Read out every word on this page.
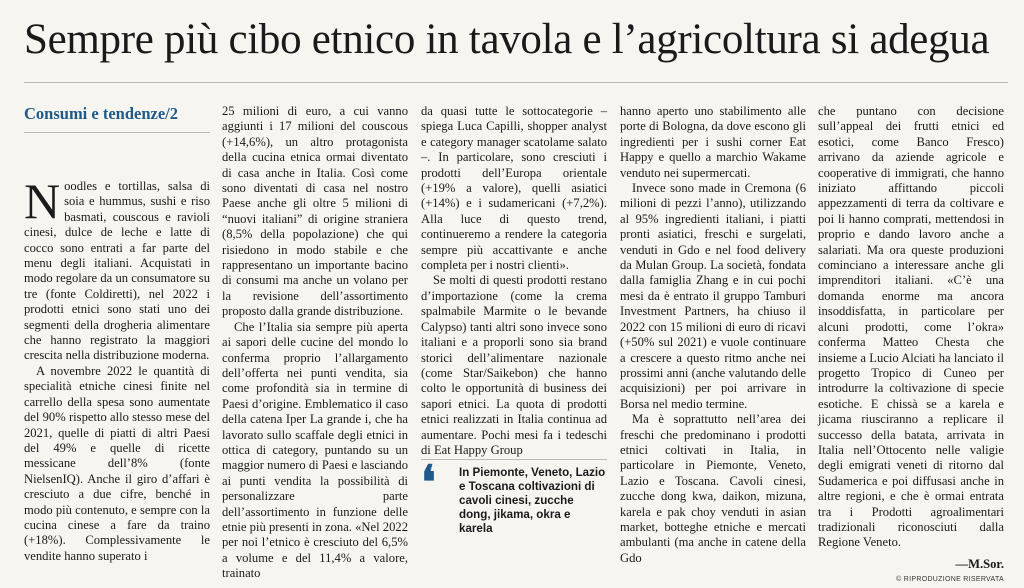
Sempre più cibo etnico in tavola e l’agricoltura si adegua
Consumi e tendenze/2

Noodles e tortillas, salsa di soia e hummus, sushi e riso basmati, couscous e ravioli cinesi, dulce de leche e latte di cocco sono entrati a far parte del menu degli italiani. Acquistati in modo regolare da un consumatore su tre (fonte Coldiretti), nel 2022 i prodotti etnici sono stati uno dei segmenti della drogheria alimentare che hanno registrato la maggiori crescita nella distribuzione moderna.

A novembre 2022 le quantità di specialità etniche cinesi finite nel carrello della spesa sono aumentate del 90% rispetto allo stesso mese del 2021, quelle di piatti di altri Paesi del 49% e quelle di ricette messicane dell’8% (fonte NielsenIQ). Anche il giro d’affari è cresciuto a due cifre, benché in modo più contenuto, e sempre con la cucina cinese a fare da traino (+18%). Complessivamente le vendite hanno superato i

25 milioni di euro, a cui vanno aggiunti i 17 milioni del couscous (+14,6%), un altro protagonista della cucina etnica ormai diventato di casa anche in Italia. Così come sono diventati di casa nel nostro Paese anche gli oltre 5 milioni di “nuovi italiani” di origine straniera (8,5% della popolazione) che qui risiedono in modo stabile e che rappresentano un importante bacino di consumi ma anche un volano per la revisione dell’assortimento proposto dalla grande distribuzione.

Che l’Italia sia sempre più aperta ai sapori delle cucine del mondo lo conferma proprio l’allargamento dell’offerta nei punti vendita, sia come profondità sia in termine di Paesi d’origine. Emblematico il caso della catena Iper La grande i, che ha lavorato sullo scaffale degli etnici in ottica di category, puntando su un maggior numero di Paesi e lasciando ai punti vendita la possibilità di personalizzare parte dell’assortimento in funzione delle etnie più presenti in zona. «Nel 2022 per noi l’etnico è cresciuto del 6,5% a volume e del 11,4% a valore, trainato

da quasi tutte le sottocategorie – spiega Luca Capilli, shopper analyst e category manager scatolame salato –. In particolare, sono cresciuti i prodotti dell’Europa orientale (+19% a valore), quelli asiatici (+14%) e i sudamericani (+7,2%). Alla luce di questo trend, continueremo a rendere la categoria sempre più accattivante e anche completa per i nostri clienti».

Se molti di questi prodotti restano d’importazione (come la crema spalmabile Marmite o le bevande Calypso) tanti altri sono invece sono italiani e a proporli sono sia brand storici dell’alimentare nazionale (come Star/Saikebon) che hanno colto le opportunità di business dei sapori etnici. La quota di prodotti etnici realizzati in Italia continua ad aumentare. Pochi mesi fa i tedeschi di Eat Happy Group

❛ In Piemonte, Veneto, Lazio e Toscana coltivazioni di cavoli cinesi, zucche dong, jikama, okra e karela

hanno aperto uno stabilimento alle porte di Bologna, da dove escono gli ingredienti per i sushi corner Eat Happy e quello a marchio Wakame venduto nei supermercati.

Invece sono made in Cremona (6 milioni di pezzi l’anno), utilizzando al 95% ingredienti italiani, i piatti pronti asiatici, freschi e surgelati, venduti in Gdo e nel food delivery da Mulan Group. La società, fondata dalla famiglia Zhang e in cui pochi mesi da è entrato il gruppo Tamburi Investment Partners, ha chiuso il 2022 con 15 milioni di euro di ricavi (+50% sul 2021) e vuole continuare a crescere a questo ritmo anche nei prossimi anni (anche valutando delle acquisizioni) per poi arrivare in Borsa nel medio termine.

Ma è soprattutto nell’area dei freschi che predominano i prodotti etnici coltivati in Italia, in particolare in Piemonte, Veneto, Lazio e Toscana. Cavoli cinesi, zucche dong kwa, daikon, mizuna, karela e pak choy venduti in asian market, botteghe etniche e mercati ambulanti (ma anche in catene della Gdo

che puntano con decisione sull’appeal dei frutti etnici ed esotici, come Banco Fresco) arrivano da aziende agricole e cooperative di immigrati, che hanno iniziato affittando piccoli appezzamenti di terra da coltivare e poi li hanno comprati, mettendosi in proprio e dando lavoro anche a salariati. Ma ora queste produzioni cominciano a interessare anche gli imprenditori italiani. «C’è una domanda enorme ma ancora insoddisfatta, in particolare per alcuni prodotti, come l’okra» conferma Matteo Chesta che insieme a Lucio Alciati ha lanciato il progetto Tropico di Cuneo per introdurre la coltivazione di specie esotiche. E chissà se a karela e jicama riusciranno a replicare il successo della batata, arrivata in Italia nell’Ottocento nelle valigie degli emigrati veneti di ritorno dal Sudamerica e poi diffusasi anche in altre regioni, e che è ormai entrata tra i Prodotti agroalimentari tradizionali riconosciuti dalla Regione Veneto.

—M.Sor.
© RIPRODUZIONE RISERVATA
